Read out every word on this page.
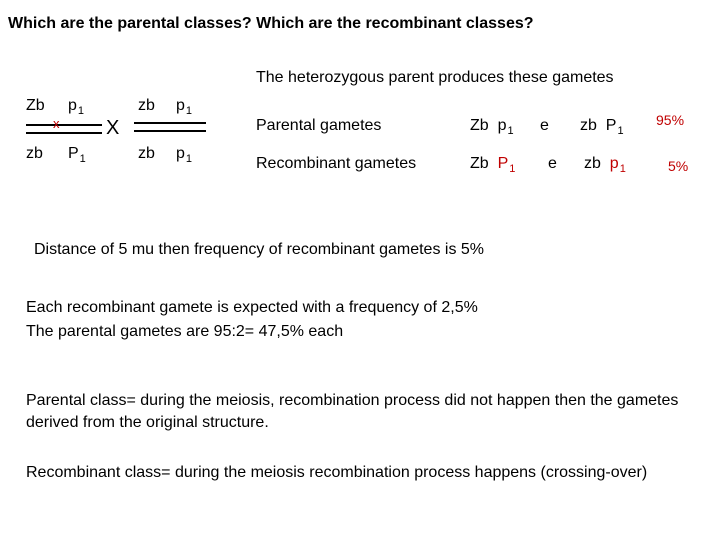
Which are the parental classes? Which are the recombinant classes?
The heterozygous parent produces these gametes
Zb $p_1$
x
zb $P_1$
X
zb $p_1$
zb $p_1$
Parental gametes	Zb $p_1$ e zb $P_1$
95%
Recombinant gametes	Zb $P_1$ e zb $p_1$	5%
Distance of 5 mu then frequency of recombinant gametes is 5%
Each recombinant gamete is expected with a frequency of 2,5%
The parental gametes are 95:2= 47,5% each
Parental class= during the meiosis, recombination process did not happen then the gametes derived from the original structure.
Recombinant class= during the meiosis recombination process happens (crossing-over)
